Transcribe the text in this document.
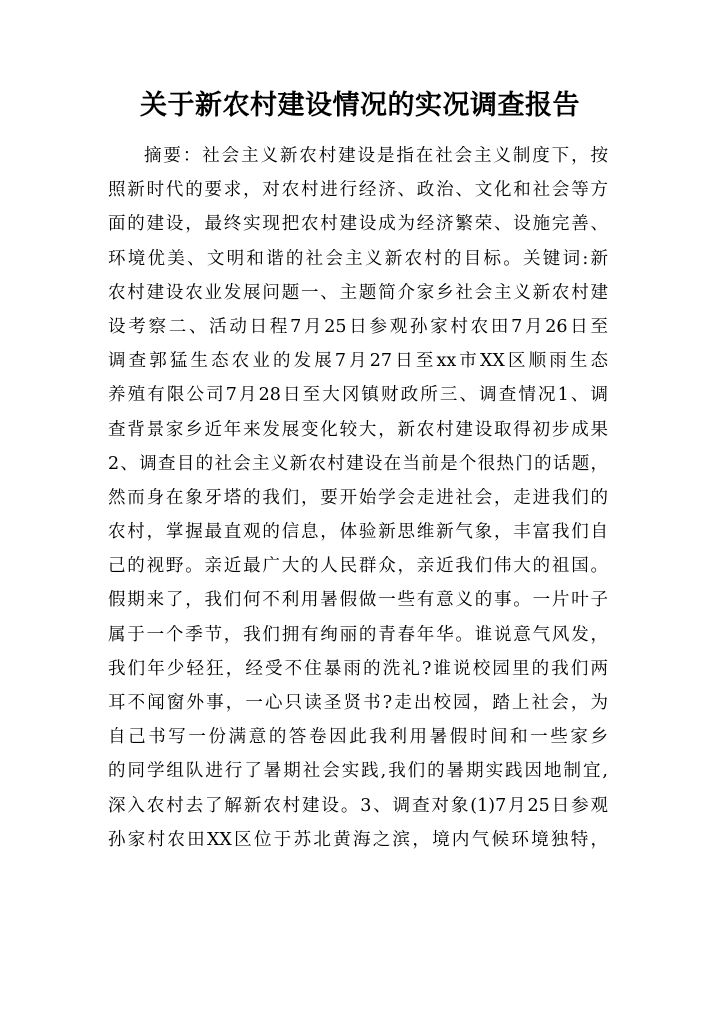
关于新农村建设情况的实况调查报告
摘要：社会主义新农村建设是指在社会主义制度下，按
照新时代的要求，对农村进行经济、政治、文化和社会等方
面的建设，最终实现把农村建设成为经济繁荣、设施完善、
环境优美、文明和谐的社会主义新农村的目标。关键词:新
农村建设农业发展问题一、主题简介家乡社会主义新农村建
设考察二、活动日程7月25日参观孙家村农田7月26日至
调查郭猛生态农业的发展7月27日至xx市XX区顺雨生态
养殖有限公司7月28日至大冈镇财政所三、调查情况1、调
查背景家乡近年来发展变化较大，新农村建设取得初步成果
2、调查目的社会主义新农村建设在当前是个很热门的话题，
然而身在象牙塔的我们，要开始学会走进社会，走进我们的
农村，掌握最直观的信息，体验新思维新气象，丰富我们自
己的视野。亲近最广大的人民群众，亲近我们伟大的祖国。
假期来了，我们何不利用暑假做一些有意义的事。一片叶子
属于一个季节，我们拥有绚丽的青春年华。谁说意气风发，
我们年少轻狂，经受不住暴雨的洗礼?谁说校园里的我们两
耳不闻窗外事，一心只读圣贤书?走出校园，踏上社会，为
自己书写一份满意的答卷因此我利用暑假时间和一些家乡
的同学组队进行了暑期社会实践,我们的暑期实践因地制宜,
深入农村去了解新农村建设。3、调查对象(1)7月25日参观
孙家村农田XX区位于苏北黄海之滨，境内气候环境独特，
